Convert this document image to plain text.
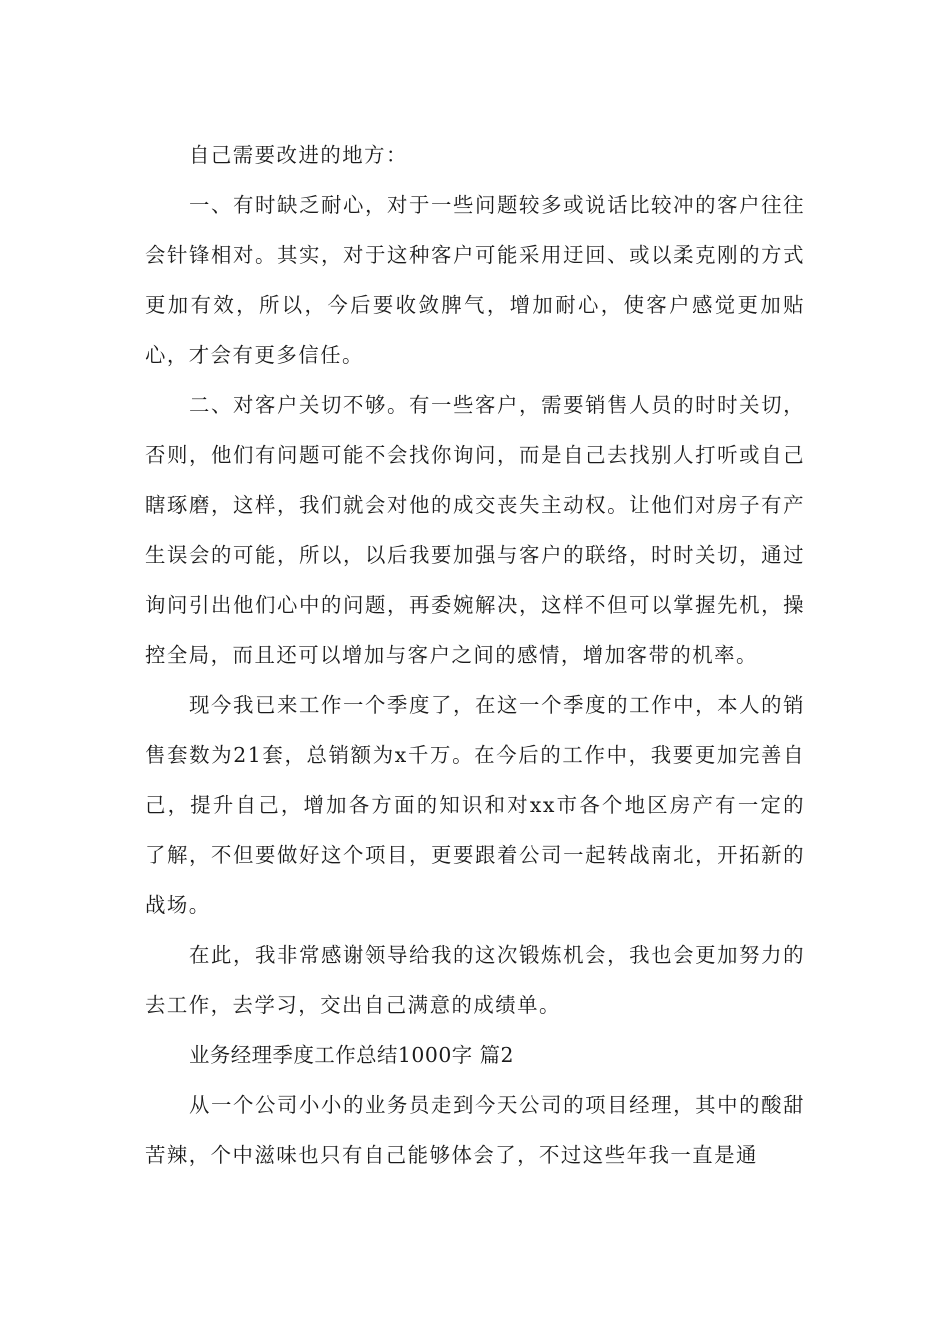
自己需要改进的地方：

一、有时缺乏耐心，对于一些问题较多或说话比较冲的客户往往会针锋相对。其实，对于这种客户可能采用迂回、或以柔克刚的方式更加有效，所以，今后要收敛脾气，增加耐心，使客户感觉更加贴心，才会有更多信任。

二、对客户关切不够。有一些客户，需要销售人员的时时关切，否则，他们有问题可能不会找你询问，而是自己去找别人打听或自己瞎琢磨，这样，我们就会对他的成交丧失主动权。让他们对房子有产生误会的可能，所以，以后我要加强与客户的联络，时时关切，通过询问引出他们心中的问题，再委婉解决，这样不但可以掌握先机，操控全局，而且还可以增加与客户之间的感情，增加客带的机率。

现今我已来工作一个季度了，在这一个季度的工作中，本人的销售套数为21套，总销额为x千万。在今后的工作中，我要更加完善自己，提升自己，增加各方面的知识和对xx市各个地区房产有一定的了解，不但要做好这个项目，更要跟着公司一起转战南北，开拓新的战场。

在此，我非常感谢领导给我的这次锻炼机会，我也会更加努力的去工作，去学习，交出自己满意的成绩单。

业务经理季度工作总结1000字 篇2

从一个公司小小的业务员走到今天公司的项目经理，其中的酸甜苦辣，个中滋味也只有自己能够体会了，不过这些年我一直是通
